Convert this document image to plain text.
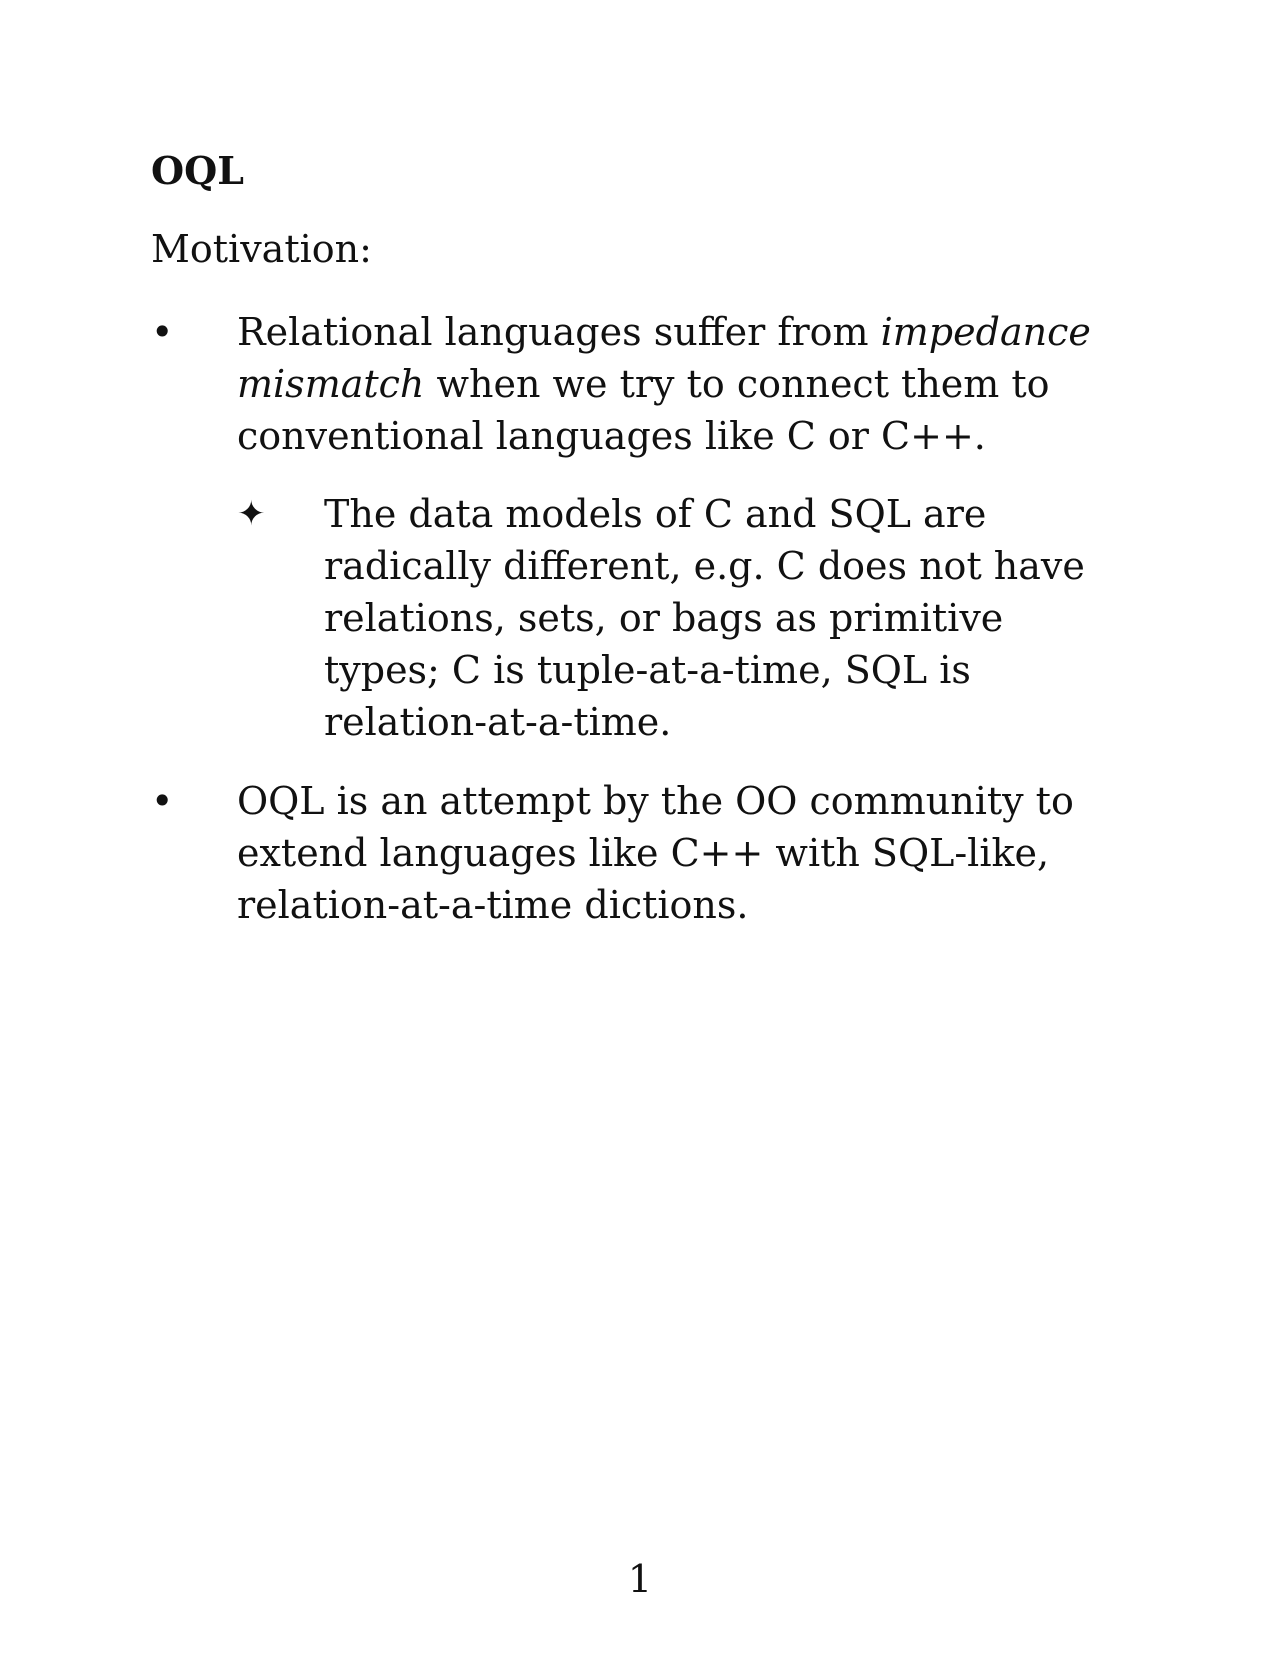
OQL
Motivation:
• Relational languages suffer from impedance mismatch when we try to connect them to conventional languages like C or C++.
✦ The data models of C and SQL are radically different, e.g. C does not have relations, sets, or bags as primitive types; C is tuple-at-a-time, SQL is relation-at-a-time.
• OQL is an attempt by the OO community to extend languages like C++ with SQL-like, relation-at-a-time dictions.
1
